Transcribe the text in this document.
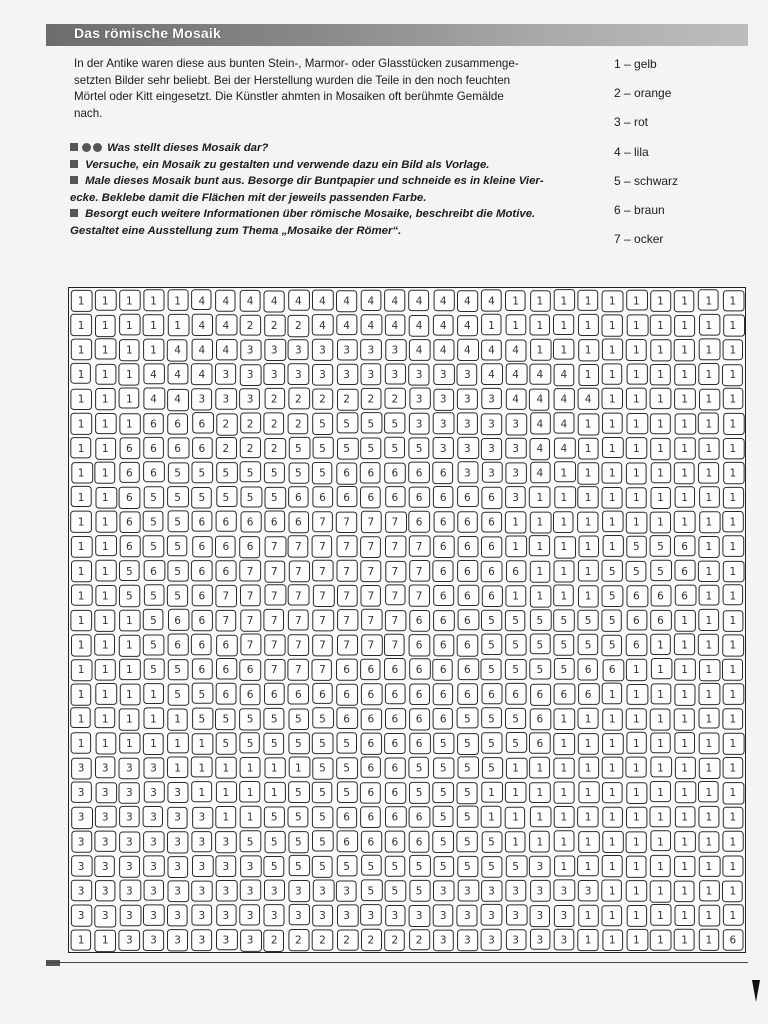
Das römische Mosaik
In der Antike waren diese aus bunten Stein-, Marmor- oder Glasstücken zusammenge-
setzten Bilder sehr beliebt. Bei der Herstellung wurden die Teile in den noch feuchten
Mörtel oder Kitt eingesetzt. Die Künstler ahmten in Mosaiken oft berühmte Gemälde
nach.
Was stellt dieses Mosaik dar?
Versuche, ein Mosaik zu gestalten und verwende dazu ein Bild als Vorlage.
Male dieses Mosaik bunt aus. Besorge dir Buntpapier und schneide es in kleine Vier-
ecke. Beklebe damit die Flächen mit der jeweils passenden Farbe.
Besorgt euch weitere Informationen über römische Mosaike, beschreibt die Motive.
Gestaltet eine Ausstellung zum Thema „Mosaike der Römer“.
1 – gelb
2 – orange
3 – rot
4 – lila
5 – schwarz
6 – braun
7 – ocker
1 1 1 1 1 4 4 4 4 4 4 4 4 4 4 4 4 4 1 1 1 1 1 1 1 1 1 1
1 1 1 1 1 4 4 2 2 2 4 4 4 4 4 4 4 1 1 1 1 1 1 1 1 1 1 1
1 1 1 1 4 4 4 3 3 3 3 3 3 3 4 4 4 4 4 1 1 1 1 1 1 1 1 1
1 1 1 4 4 4 3 3 3 3 3 3 3 3 3 3 3 4 4 4 4 1 1 1 1 1 1 1
1 1 1 4 4 3 3 3 2 2 2 2 2 2 3 3 3 3 4 4 4 4 1 1 1 1 1 1
1 1 1 6 6 6 2 2 2 2 5 5 5 5 3 3 3 3 3 4 4 1 1 1 1 1 1 1
1 1 6 6 6 6 2 2 2 5 5 5 5 5 5 3 3 3 3 4 4 1 1 1 1 1 1 1
1 1 6 6 5 5 5 5 5 5 5 6 6 6 6 6 3 3 3 4 1 1 1 1 1 1 1 1
1 1 6 5 5 5 5 5 5 6 6 6 6 6 6 6 6 6 3 1 1 1 1 1 1 1 1 1
1 1 6 5 5 6 6 6 6 6 7 7 7 7 6 6 6 6 1 1 1 1 1 1 1 1 1 1
1 1 6 5 5 6 6 6 7 7 7 7 7 7 7 6 6 6 1 1 1 1 1 5 5 6 1 1
1 1 5 6 5 6 6 7 7 7 7 7 7 7 7 6 6 6 6 1 1 1 5 5 5 6 1 1
1 1 5 5 5 6 7 7 7 7 7 7 7 7 7 6 6 6 1 1 1 1 5 6 6 6 1 1
1 1 1 5 6 6 7 7 7 7 7 7 7 7 6 6 6 5 5 5 5 5 5 6 6 1 1 1
1 1 1 5 6 6 6 7 7 7 7 7 7 7 6 6 6 5 5 5 5 5 5 6 1 1 1 1
1 1 1 5 5 6 6 6 7 7 7 6 6 6 6 6 6 5 5 5 5 6 6 1 1 1 1 1
1 1 1 1 5 5 6 6 6 6 6 6 6 6 6 6 6 6 6 6 6 6 1 1 1 1 1 1
1 1 1 1 1 5 5 5 5 5 5 6 6 6 6 6 5 5 5 6 1 1 1 1 1 1 1 1
1 1 1 1 1 1 5 5 5 5 5 5 6 6 6 5 5 5 5 6 1 1 1 1 1 1 1 1
3 3 3 3 1 1 1 1 1 1 5 5 6 6 5 5 5 5 1 1 1 1 1 1 1 1 1 1
3 3 3 3 3 1 1 1 1 5 5 5 6 6 5 5 5 1 1 1 1 1 1 1 1 1 1 1
3 3 3 3 3 3 1 1 5 5 5 6 6 6 6 5 5 1 1 1 1 1 1 1 1 1 1 1
3 3 3 3 3 3 3 5 5 5 5 6 6 6 6 5 5 5 1 1 1 1 1 1 1 1 1 1
3 3 3 3 3 3 3 3 5 5 5 5 5 5 5 5 5 5 5 3 1 1 1 1 1 1 1 1
3 3 3 3 3 3 3 3 3 3 3 3 5 5 5 3 3 3 3 3 3 3 1 1 1 1 1 1
3 3 3 3 3 3 3 3 3 3 3 3 3 3 3 3 3 3 3 3 3 1 1 1 1 1 1 1
1 1 3 3 3 3 3 3 2 2 2 2 2 2 2 3 3 3 3 3 3 1 1 1 1 1 1 6
